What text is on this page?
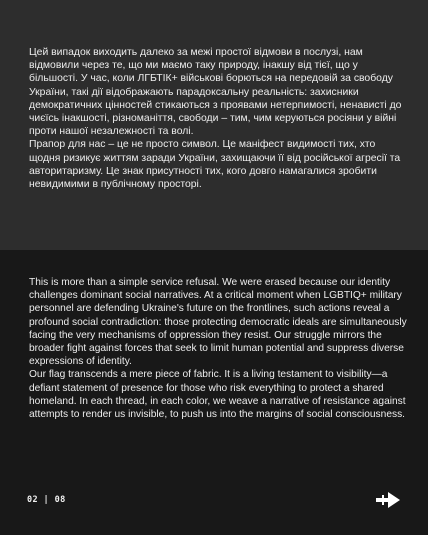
Цей випадок виходить далеко за межі простої відмови в послузі, нам відмовили через те, що ми маємо таку природу, інакшу від тієї, що у більшості. У час, коли ЛГБТІК+ військові борються на передовій за свободу України, такі дії відображають парадоксальну реальність: захисники демократичних цінностей стикаються з проявами нетерпимості, ненависті до чиєїсь інакшості, різноманіття, свободи – тим, чим керуються росіяни у війні проти нашої незалежності та волі.

Прапор для нас – це не просто символ. Це маніфест видимості тих, хто щодня ризикує життям заради України, захищаючи її від російської агресії та авторитаризму. Це знак присутності тих, кого довго намагалися зробити невидимими в публічному просторі.

This is more than a simple service refusal. We were erased because our identity challenges dominant social narratives. At a critical moment when LGBTIQ+ military personnel are defending Ukraine's future on the frontlines, such actions reveal a profound social contradiction: those protecting democratic ideals are simultaneously facing the very mechanisms of oppression they resist. Our struggle mirrors the broader fight against forces that seek to limit human potential and suppress diverse expressions of identity.

Our flag transcends a mere piece of fabric. It is a living testament to visibility—a defiant statement of presence for those who risk everything to protect a shared homeland. In each thread, in each color, we weave a narrative of resistance against attempts to render us invisible, to push us into the margins of social consciousness.

02 | 08
